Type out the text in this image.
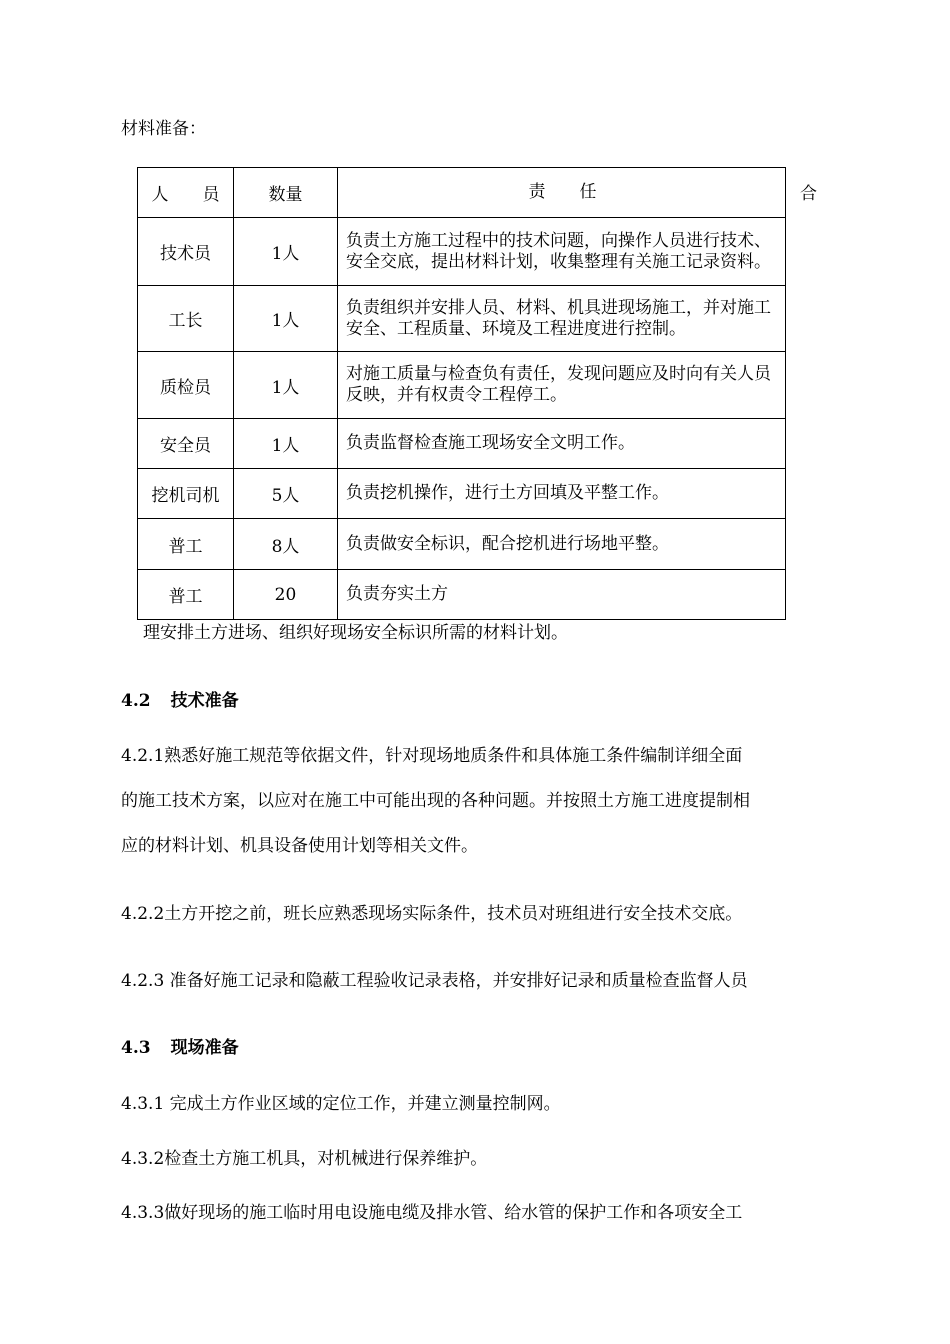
材料准备：
合
人 员	数量	责 任
技术员	1人	负责土方施工过程中的技术问题，向操作人员进行技术、安全交底，提出材料计划，收集整理有关施工记录资料。
工长	1人	负责组织并安排人员、材料、机具进现场施工，并对施工安全、工程质量、环境及工程进度进行控制。
质检员	1人	对施工质量与检查负有责任，发现问题应及时向有关人员反映，并有权责令工程停工。
安全员	1人	负责监督检查施工现场安全文明工作。
挖机司机	5人	负责挖机操作，进行土方回填及平整工作。
普工	8人	负责做安全标识，配合挖机进行场地平整。
普工	20	负责夯实土方
理安排土方进场、组织好现场安全标识所需的材料计划。
4.2 技术准备
4.2.1熟悉好施工规范等依据文件，针对现场地质条件和具体施工条件编制详细全面
的施工技术方案，以应对在施工中可能出现的各种问题。并按照土方施工进度提制相
应的材料计划、机具设备使用计划等相关文件。
4.2.2土方开挖之前，班长应熟悉现场实际条件，技术员对班组进行安全技术交底。
4.2.3 准备好施工记录和隐蔽工程验收记录表格，并安排好记录和质量检查监督人员
4.3 现场准备
4.3.1 完成土方作业区域的定位工作，并建立测量控制网。
4.3.2检查土方施工机具，对机械进行保养维护。
4.3.3做好现场的施工临时用电设施电缆及排水管、给水管的保护工作和各项安全工
